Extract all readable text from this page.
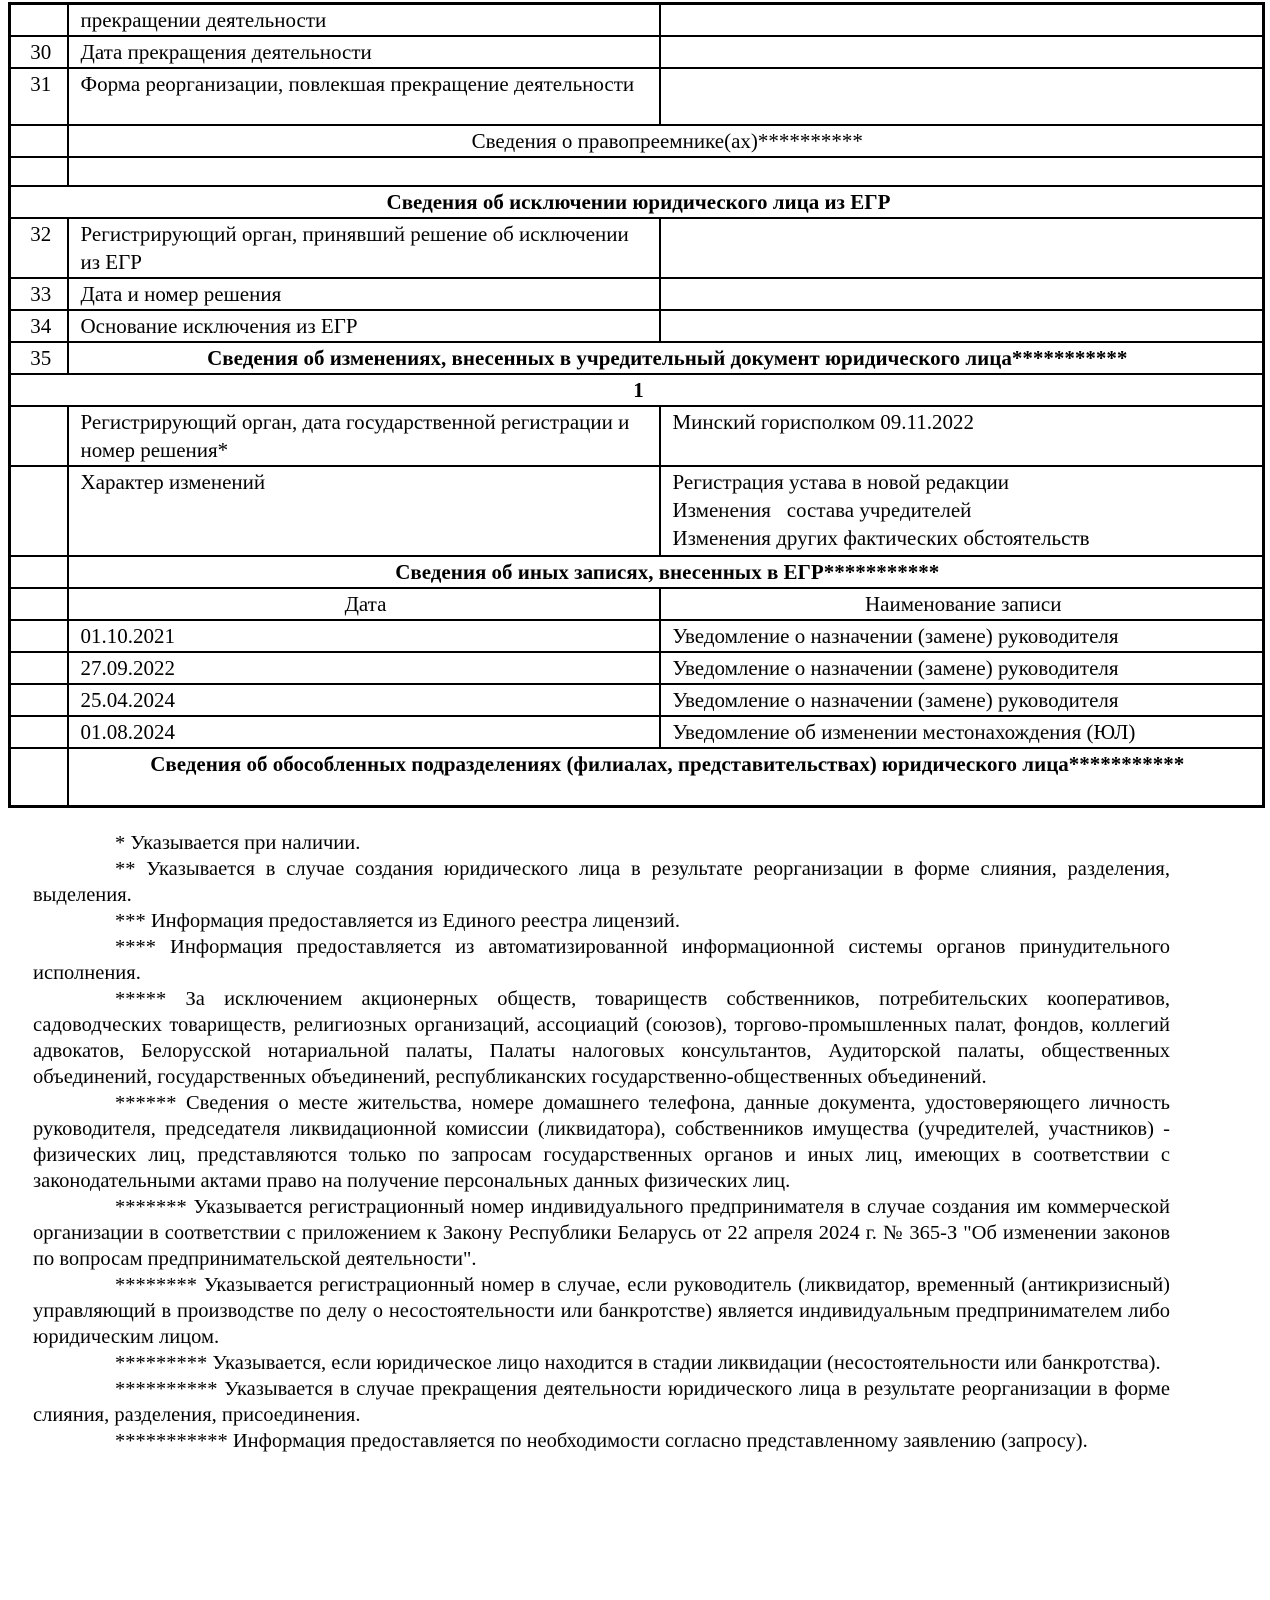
	прекращении деятельности	
30	Дата прекращения деятельности	
31	Форма реорганизации, повлекшая прекращение деятельности	
	Сведения о правопреемнике(ах)**********	

Сведения об исключении юридического лица из ЕГР		
32	Регистрирующий орган, принявший решение об исключении из ЕГР	
33	Дата и номер решения	
34	Основание исключения из ЕГР	
35	Сведения об изменениях, внесенных в учредительный документ юридического лица***********	
1		
	Регистрирующий орган, дата государственной регистрации и номер решения*	Минский горисполком 09.11.2022
	Характер изменений	Регистрация устава в новой редакции
Изменения   состава учредителей
Изменения других фактических обстоятельств

	Сведения об иных записях, внесенных в ЕГР***********	
	Дата	Наименование записи
	01.10.2021	Уведомление о назначении (замене) руководителя
	27.09.2022	Уведомление о назначении (замене) руководителя
	25.04.2024	Уведомление о назначении (замене) руководителя
	01.08.2024	Уведомление об изменении местонахождения (ЮЛ)
	Сведения об обособленных подразделениях (филиалах, представительствах) юридического лица***********	

* Указывается при наличии.

** Указывается в случае создания юридического лица в результате реорганизации в форме слияния, разделения, выделения.

*** Информация предоставляется из Единого реестра лицензий.

**** Информация предоставляется из автоматизированной информационной системы органов принудительного исполнения.

***** За исключением акционерных обществ, товариществ собственников, потребительских кооперативов, садоводческих товариществ, религиозных организаций, ассоциаций (союзов), торгово-промышленных палат, фондов, коллегий адвокатов, Белорусской нотариальной палаты, Палаты налоговых консультантов, Аудиторской палаты, общественных объединений, государственных объединений, республиканских государственно-общественных объединений.

****** Сведения о месте жительства, номере домашнего телефона, данные документа, удостоверяющего личность руководителя, председателя ликвидационной комиссии (ликвидатора), собственников имущества (учредителей, участников) - физических лиц, представляются только по запросам государственных органов и иных лиц, имеющих в соответствии с законодательными актами право на получение персональных данных физических лиц.

******* Указывается регистрационный номер индивидуального предпринимателя в случае создания им коммерческой организации в соответствии с приложением к Закону Республики Беларусь от 22 апреля 2024 г. № 365-З "Об изменении законов по вопросам предпринимательской деятельности".

******** Указывается регистрационный номер в случае, если руководитель (ликвидатор, временный (антикризисный) управляющий в производстве по делу о несостоятельности или банкротстве) является индивидуальным предпринимателем либо юридическим лицом.

********* Указывается, если юридическое лицо находится в стадии ликвидации (несостоятельности или банкротства).

********** Указывается в случае прекращения деятельности юридического лица в результате реорганизации в форме слияния, разделения, присоединения.

*********** Информация предоставляется по необходимости согласно представленному заявлению (запросу).
